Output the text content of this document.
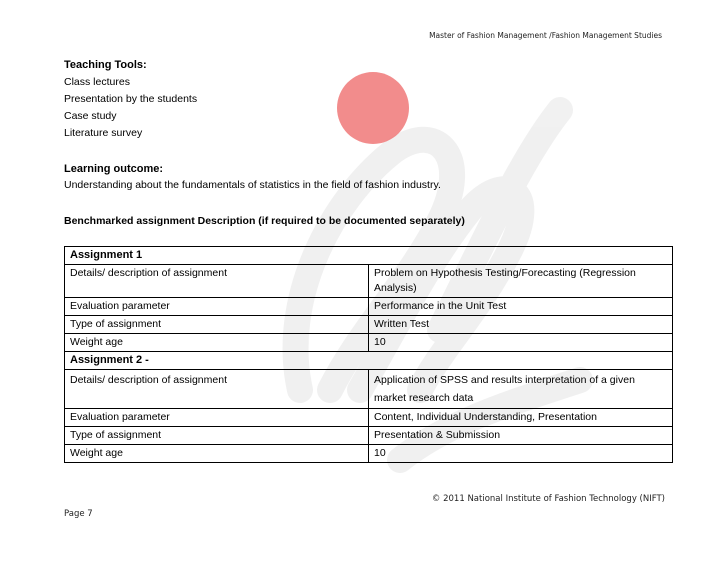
Master of Fashion Management /Fashion Management Studies
Teaching Tools:
Class lectures
Presentation by the students
Case study
Literature survey
Learning outcome:
Understanding about the fundamentals of statistics in the field of fashion industry.
Benchmarked assignment Description (if required to be documented separately)
Assignment 1	
Details/ description of assignment	Problem on Hypothesis Testing/Forecasting (Regression Analysis)
Evaluation parameter	Performance in the Unit Test
Type of assignment	Written Test
Weight age	10
Assignment 2 -	

Details/ description of assignment	Application of SPSS and results interpretation of a given market research data

Evaluation parameter	Content, Individual Understanding, Presentation
Type of assignment	Presentation & Submission
Weight age	10
© 2011 National Institute of Fashion Technology (NIFT)
Page 7
